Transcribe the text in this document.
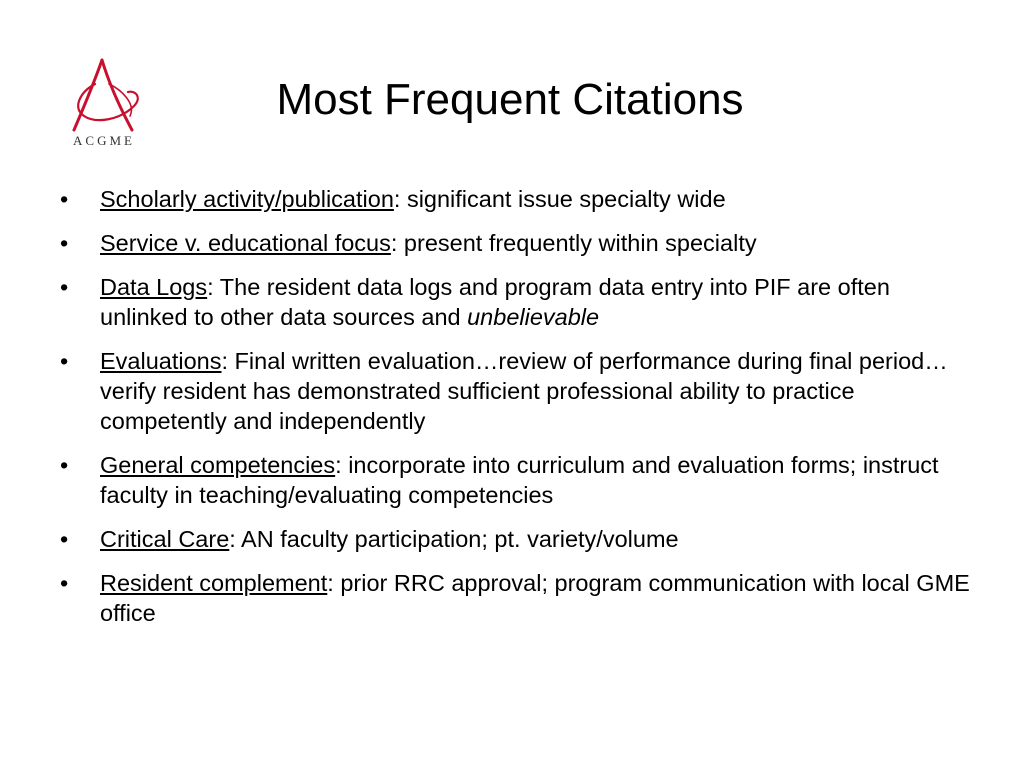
ACGME
Most Frequent Citations
• Scholarly activity/publication: significant issue specialty wide
• Service v. educational focus: present frequently within specialty
• Data Logs: The resident data logs and program data entry into PIF are often unlinked to other data sources and unbelievable
• Evaluations: Final written evaluation…review of performance during final period…verify resident has demonstrated sufficient professional ability to practice competently and independently
• General competencies: incorporate into curriculum and evaluation forms; instruct faculty in teaching/evaluating competencies
• Critical Care: AN faculty participation; pt. variety/volume
• Resident complement: prior RRC approval; program communication with local GME office
